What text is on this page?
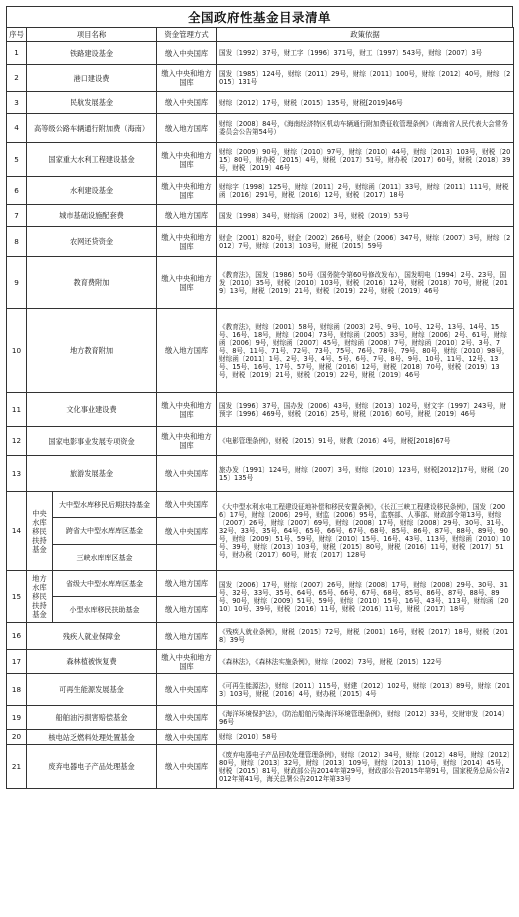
全国政府性基金目录清单
序号	项目名称		资金管理方式	政策依据
1	铁路建设基金		缴入中央国库	国发〔1992〕37号，财工字〔1996〕371号，财工〔1997〕543号，财综〔2007〕3号
2	港口建设费		缴入中央和地方国库	国发〔1985〕124号，财综〔2011〕29号，财综〔2011〕100号，财综〔2012〕40号，财综〔2015〕131号
3	民航发展基金		缴入中央国库	财综〔2012〕17号，财税〔2015〕135号，财税[2019]46号
4	高等级公路车辆通行附加费（海南）		缴入地方国库	财综〔2008〕84号，《海南经济特区机动车辆通行附加费征收管理条例》（海南省人民代表大会常务委员会公告第54号）
5	国家重大水利工程建设基金		缴入中央和地方国库	财综〔2009〕90号，财综〔2010〕97号，财综〔2010〕44号，财综〔2013〕103号，财税〔2015〕80号，财办税〔2015〕4号，财税〔2017〕51号，财办税〔2017〕60号，财税〔2018〕39号，财税〔2019〕46号
6	水利建设基金		缴入中央和地方国库	财综字〔1998〕125号，财综〔2011〕2号，财综函〔2011〕33号，财综〔2011〕111号，财税函〔2016〕291号，财税〔2016〕12号，财税〔2017〕18号
7	城市基础设施配套费		缴入地方国库	国发〔1998〕34号，财综函〔2002〕3号，财税〔2019〕53号
8	农网还贷资金		缴入中央和地方国库	财企〔2001〕820号，财企〔2002〕266号，财企〔2006〕347号，财综〔2007〕3号，财综〔2012〕7号，财综〔2013〕103号，财税〔2015〕59号
9	教育费附加		缴入中央和地方国库	《教育法》，国发〔1986〕50号（国务院令第60号修改发布），国发明电〔1994〕2号、23号，国发〔2010〕35号，财税〔2010〕103号，财税〔2016〕12号，财税〔2018〕70号，财税〔2019〕13号，财税〔2019〕21号，财税〔2019〕22号，财税〔2019〕46号
10	地方教育附加		缴入地方国库	《教育法》，财综〔2001〕58号，财综函〔2003〕2号、9号、10号、12号、13号、14号、15号、16号、18号，财综〔2004〕73号，财综函〔2005〕33号，财综〔2006〕2号、61号，财综函〔2006〕9号，财综函〔2007〕45号，财综函〔2008〕7号，财综函〔2010〕2号、3号、7号、8号、11号、71号、72号、73号、75号、76号、78号、79号、80号，财综〔2010〕98号，财综函〔2011〕1号、2号、3号、4号、5号、6号、7号、8号、9号、10号、11号、12号、13号、15号、16号、17号、57号，财税〔2016〕12号，财税〔2018〕70号，财税〔2019〕13号，财税〔2019〕21号，财税〔2019〕22号，财税〔2019〕46号
11	文化事业建设费		缴入中央和地方国库	国发〔1996〕37号，国办发〔2006〕43号，财综〔2013〕102号，财文字〔1997〕243号，财预字〔1996〕469号，财税〔2016〕25号，财税〔2016〕60号，财税〔2019〕46号
12	国家电影事业发展专项资金		缴入中央和地方国库	《电影管理条例》，财税〔2015〕91号，财教〔2016〕4号，财税[2018]67号
13	旅游发展基金		缴入中央国库	旅办发〔1991〕124号，财综〔2007〕3号，财综〔2010〕123号，财税[2012]17号，财税〔2015〕135号
14	中央水库移民扶持基金	大中型水库移民后期扶持基金	缴入中央国库	《大中型水利水电工程建设征地补偿和移民安置条例》，《长江三峡工程建设移民条例》，国发〔2006〕17号，财综〔2006〕29号，财监〔2006〕95号，监察部、人事部、财政部令第13号，财综〔2007〕26号，财综〔2007〕69号，财综〔2008〕17号，财综〔2008〕29号、30号、31号、32号、33号、35号、64号、65号、66号、67号、68号、85号、86号、87号、88号、89号、90号，财综〔2009〕51号、59号，财综〔2010〕15号、16号、43号、113号，财综函〔2010〕10号、39号，财综〔2013〕103号，财税〔2015〕80号，财税〔2016〕11号，财税〔2017〕51号，财办税〔2017〕60号，财农〔2017〕128号
		跨省大中型水库库区基金	缴入中央国库	
		三峡水库库区基金		
15	地方水库移民扶持基金	省级大中型水库库区基金	缴入地方国库	国发〔2006〕17号，财综〔2007〕26号，财综〔2008〕17号，财综〔2008〕29号、30号、31号、32号、33号、35号、64号、65号、66号、67号、68号、85号、86号、87号、88号、89号、90号，财综〔2009〕51号、59号，财综〔2010〕15号、16号、43号、113号，财综函〔2010〕10号、39号，财税〔2016〕11号，财税〔2016〕11号，财税〔2017〕18号
		小型水库移民扶助基金	缴入地方国库	
16	残疾人就业保障金		缴入地方国库	《残疾人就业条例》，财税〔2015〕72号，财税〔2001〕16号，财税〔2017〕18号，财税〔2018〕39号
17	森林植被恢复费		缴入中央和地方国库	《森林法》，《森林法实施条例》，财综〔2002〕73号，财税〔2015〕122号
18	可再生能源发展基金		缴入中央国库	《可再生能源法》，财综〔2011〕115号，财建〔2012〕102号，财综〔2013〕89号，财综〔2013〕103号，财税〔2016〕4号，财办税〔2015〕4号
19	船舶油污损害赔偿基金		缴入中央国库	《海洋环境保护法》，《防治船舶污染海洋环境管理条例》，财综〔2012〕33号，交财审发〔2014〕96号
20	核电站乏燃料处理处置基金		缴入中央国库	财综〔2010〕58号
21	废弃电器电子产品处理基金		缴入中央国库	《废弃电器电子产品回收处理管理条例》，财综〔2012〕34号，财综〔2012〕48号，财综〔2012〕80号，财综〔2013〕32号，财综〔2013〕109号，财综〔2013〕110号，财综〔2014〕45号，财税〔2015〕81号，财政部公告2014年第29号，财政部公告2015年第91号，国家税务总局公告2012年第41号，海关总署公告2012年第33号
